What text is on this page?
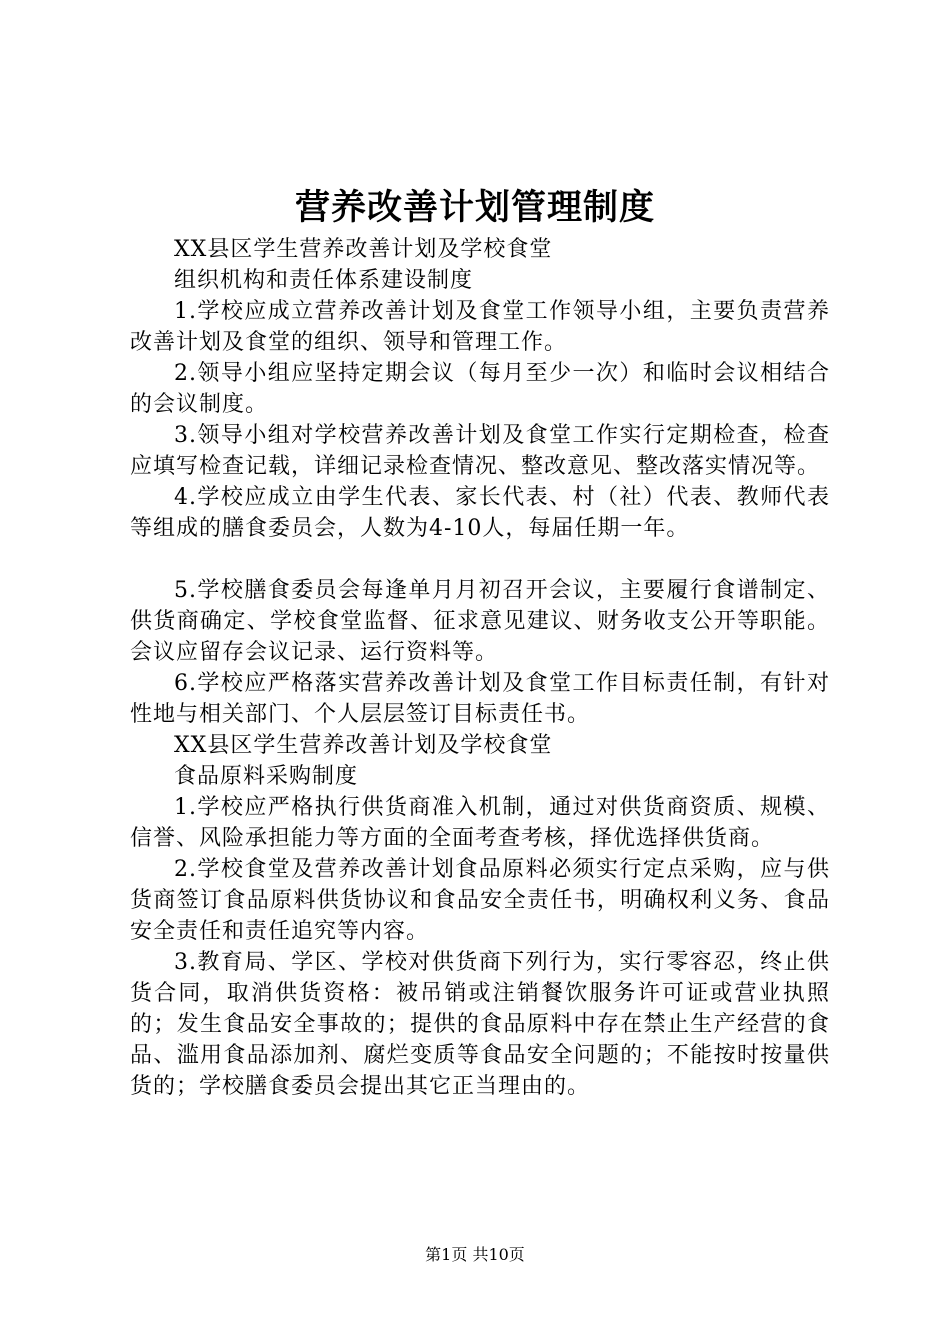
营养改善计划管理制度

XX县区学生营养改善计划及学校食堂

组织机构和责任体系建设制度

1.学校应成立营养改善计划及食堂工作领导小组，主要负责营养改善计划及食堂的组织、领导和管理工作。

2.领导小组应坚持定期会议（每月至少一次）和临时会议相结合的会议制度。

3.领导小组对学校营养改善计划及食堂工作实行定期检查，检查应填写检查记载，详细记录检查情况、整改意见、整改落实情况等。

4.学校应成立由学生代表、家长代表、村（社）代表、教师代表等组成的膳食委员会，人数为4-10人，每届任期一年。

5.学校膳食委员会每逢单月月初召开会议，主要履行食谱制定、供货商确定、学校食堂监督、征求意见建议、财务收支公开等职能。会议应留存会议记录、运行资料等。

6.学校应严格落实营养改善计划及食堂工作目标责任制，有针对性地与相关部门、个人层层签订目标责任书。

XX县区学生营养改善计划及学校食堂

食品原料采购制度

1.学校应严格执行供货商准入机制，通过对供货商资质、规模、信誉、风险承担能力等方面的全面考查考核，择优选择供货商。

2.学校食堂及营养改善计划食品原料必须实行定点采购，应与供货商签订食品原料供货协议和食品安全责任书，明确权利义务、食品安全责任和责任追究等内容。

3.教育局、学区、学校对供货商下列行为，实行零容忍，终止供货合同，取消供货资格：被吊销或注销餐饮服务许可证或营业执照的；发生食品安全事故的；提供的食品原料中存在禁止生产经营的食品、滥用食品添加剂、腐烂变质等食品安全问题的；不能按时按量供货的；学校膳食委员会提出其它正当理由的。

第1页 共10页
